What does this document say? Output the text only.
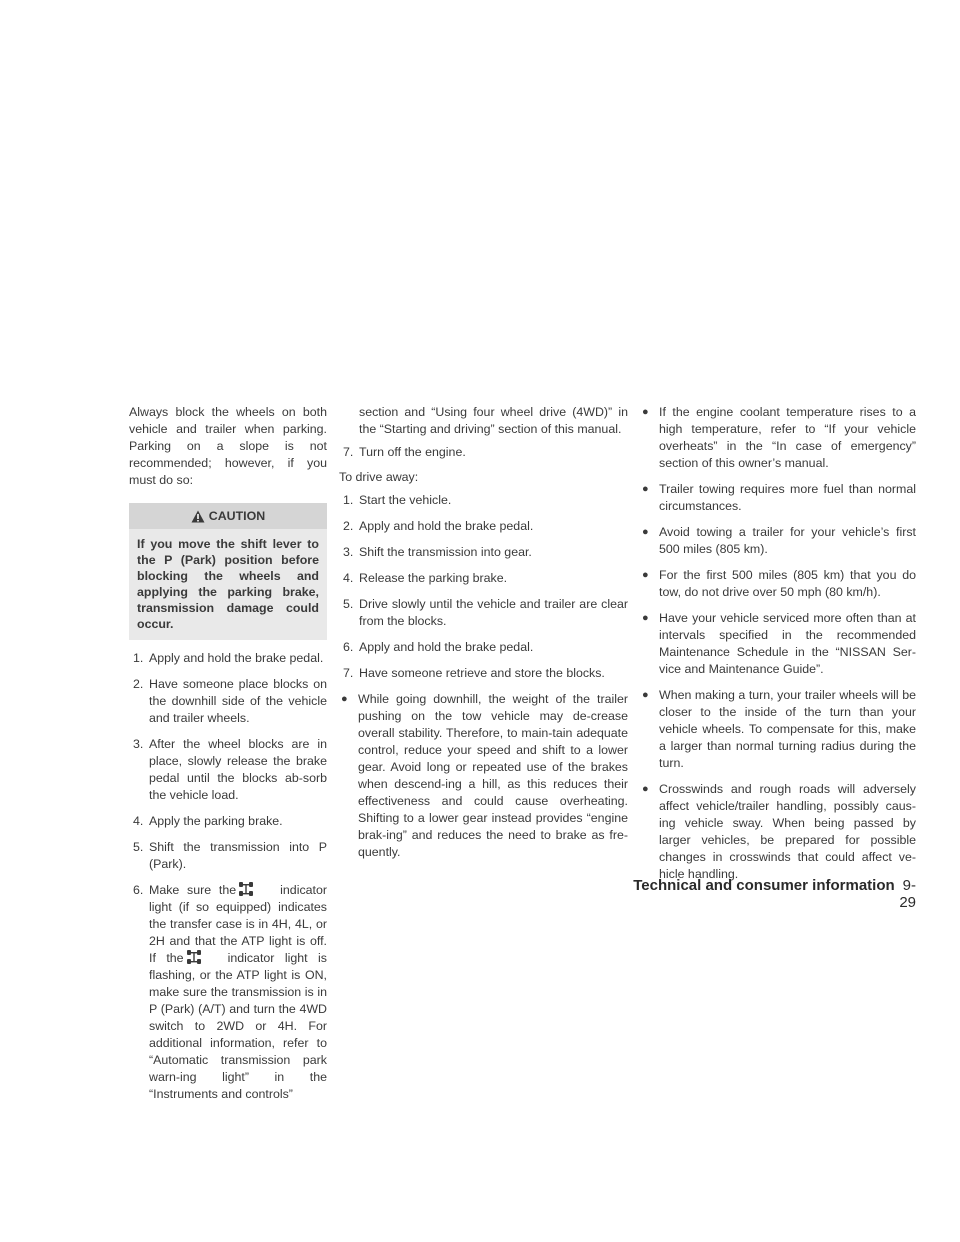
Always block the wheels on both vehicle and trailer when parking. Parking on a slope is not recommended; however, if you must do so:

CAUTION
If you move the shift lever to the P (Park) position before blocking the wheels and applying the parking brake, transmission damage could occur.
1. Apply and hold the brake pedal.
2. Have someone place blocks on the downhill side of the vehicle and trailer wheels.
3. After the wheel blocks are in place, slowly release the brake pedal until the blocks ab-sorb the vehicle load.
4. Apply the parking brake.
5. Shift the transmission into P (Park).
6. Make sure the	indicator light (if so equipped) indicates the transfer case is in 4H, 4L, or 2H and that the ATP light is off. If the	indicator light is flashing, or the ATP light is ON, make sure the transmission is in P (Park) (A/T) and turn the 4WD switch to 2WD or 4H. For additional information, refer to “Automatic transmission park warn-ing light” in the “Instruments and controls”

section and “Using four wheel drive (4WD)” in the “Starting and driving” section of this manual.

7. Turn off the engine.

To drive away:

1. Start the vehicle.
2. Apply and hold the brake pedal.
3. Shift the transmission into gear.
4. Release the parking brake.
5. Drive slowly until the vehicle and trailer are clear from the blocks.
6. Apply and hold the brake pedal.
7. Have someone retrieve and store the blocks.
● While going downhill, the weight of the trailer pushing on the tow vehicle may de-crease overall stability. Therefore, to main-tain adequate control, reduce your speed and shift to a lower gear. Avoid long or repeated use of the brakes when descend-ing a hill, as this reduces their effectiveness and could cause overheating. Shifting to a lower gear instead provides “engine brak-ing” and reduces the need to brake as fre-quently.
● If the engine coolant temperature rises to a high temperature, refer to “If your vehicle overheats” in the “In case of emergency” section of this owner’s manual.
● Trailer towing requires more fuel than normal circumstances.
● Avoid towing a trailer for your vehicle’s first 500 miles (805 km).
● For the first 500 miles (805 km) that you do tow, do not drive over 50 mph (80 km/h).
● Have your vehicle serviced more often than at intervals specified in the recommended Maintenance Schedule in the “NISSAN Ser-vice and Maintenance Guide”.
● When making a turn, your trailer wheels will be closer to the inside of the turn than your vehicle wheels. To compensate for this, make a larger than normal turning radius during the turn.
● Crosswinds and rough roads will adversely affect vehicle/trailer handling, possibly caus-ing vehicle sway. When being passed by larger vehicles, be prepared for possible changes in crosswinds that could affect ve-hicle handling.
Technical and consumer information 9-29
